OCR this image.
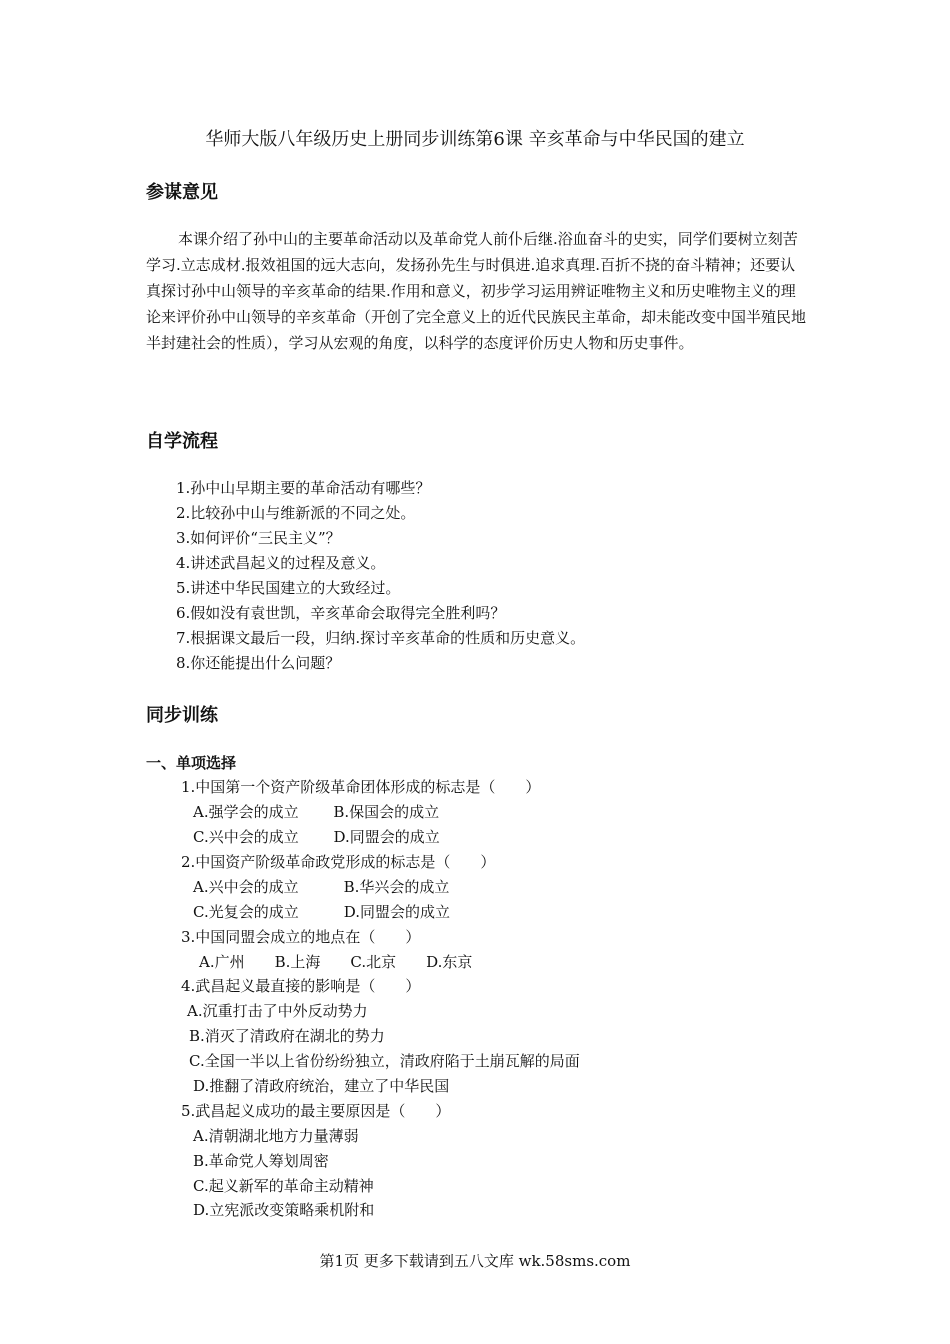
华师大版八年级历史上册同步训练第6课 辛亥革命与中华民国的建立
参谋意见
本课介绍了孙中山的主要革命活动以及革命党人前仆后继.浴血奋斗的史实，同学们要树立刻苦学习.立志成材.报效祖国的远大志向，发扬孙先生与时俱进.追求真理.百折不挠的奋斗精神；还要认真探讨孙中山领导的辛亥革命的结果.作用和意义，初步学习运用辨证唯物主义和历史唯物主义的理论来评价孙中山领导的辛亥革命（开创了完全意义上的近代民族民主革命，却未能改变中国半殖民地半封建社会的性质），学习从宏观的角度，以科学的态度评价历史人物和历史事件。
自学流程
1.孙中山早期主要的革命活动有哪些？
2.比较孙中山与维新派的不同之处。
3.如何评价“三民主义”？
4.讲述武昌起义的过程及意义。
5.讲述中华民国建立的大致经过。
6.假如没有袁世凯，辛亥革命会取得完全胜利吗？
7.根据课文最后一段，归纳.探讨辛亥革命的性质和历史意义。
8.你还能提出什么问题？
同步训练
一、单项选择
1.中国第一个资产阶级革命团体形成的标志是（　　）
A.强学会的成立　　 B.保国会的成立
C.兴中会的成立　　 D.同盟会的成立
2.中国资产阶级革命政党形成的标志是（　　）
A.兴中会的成立　　　B.华兴会的成立
C.光复会的成立　　　D.同盟会的成立
3.中国同盟会成立的地点在（　　）
A.广州　　B.上海　　C.北京　　D.东京
4.武昌起义最直接的影响是（　　）
A.沉重打击了中外反动势力
B.消灭了清政府在湖北的势力
C.全国一半以上省份纷纷独立，清政府陷于土崩瓦解的局面
D.推翻了清政府统治，建立了中华民国
5.武昌起义成功的最主要原因是（　　）
A.清朝湖北地方力量薄弱
B.革命党人筹划周密
C.起义新军的革命主动精神
D.立宪派改变策略乘机附和
第1页 更多下载请到五八文库 wk.58sms.com
